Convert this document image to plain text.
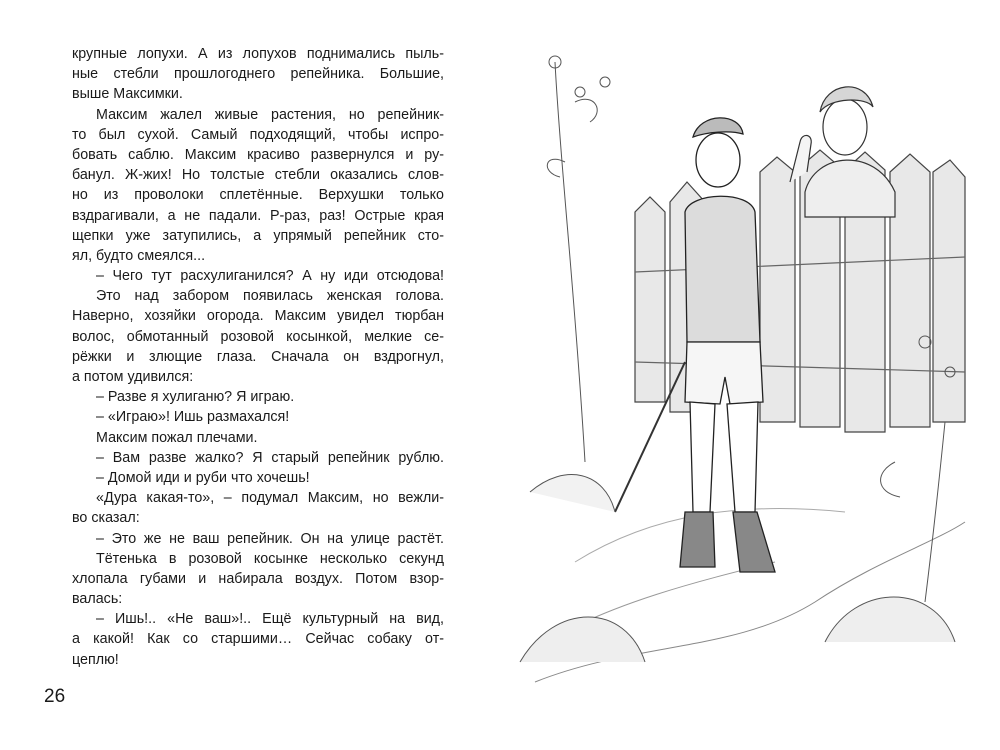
крупные лопухи. А из лопухов поднимались пыль-
ные стебли прошлогоднего репейника. Большие,
выше Максимки.
Максим жалел живые растения, но репейник-
то был сухой. Самый подходящий, чтобы испро-
бовать саблю. Максим красиво развернулся и ру-
банул. Ж-жих! Но толстые стебли оказались слов-
но из проволоки сплетённые. Верхушки только
вздрагивали, а не падали. Р-раз, раз! Острые края
щепки уже затупились, а упрямый репейник сто-
ял, будто смеялся...
– Чего тут расхулиганился? А ну иди отсюдова!
Это над забором появилась женская голова.
Наверно, хозяйки огорода. Максим увидел тюрбан
волос, обмотанный розовой косынкой, мелкие се-
рёжки и злющие глаза. Сначала он вздрогнул,
а потом удивился:
– Разве я хулиганю? Я играю.
– «Играю»! Ишь размахался!
Максим пожал плечами.
– Вам разве жалко? Я старый репейник рублю.
– Домой иди и руби что хочешь!
«Дура какая-то», – подумал Максим, но вежли-
во сказал:
– Это же не ваш репейник. Он на улице растёт.
Тётенька в розовой косынке несколько секунд
хлопала губами и набирала воздух. Потом взор-
валась:
– Ишь!.. «Не ваш»!.. Ещё культурный на вид,
а какой! Как со старшими… Сейчас собаку от-
цеплю!
26
